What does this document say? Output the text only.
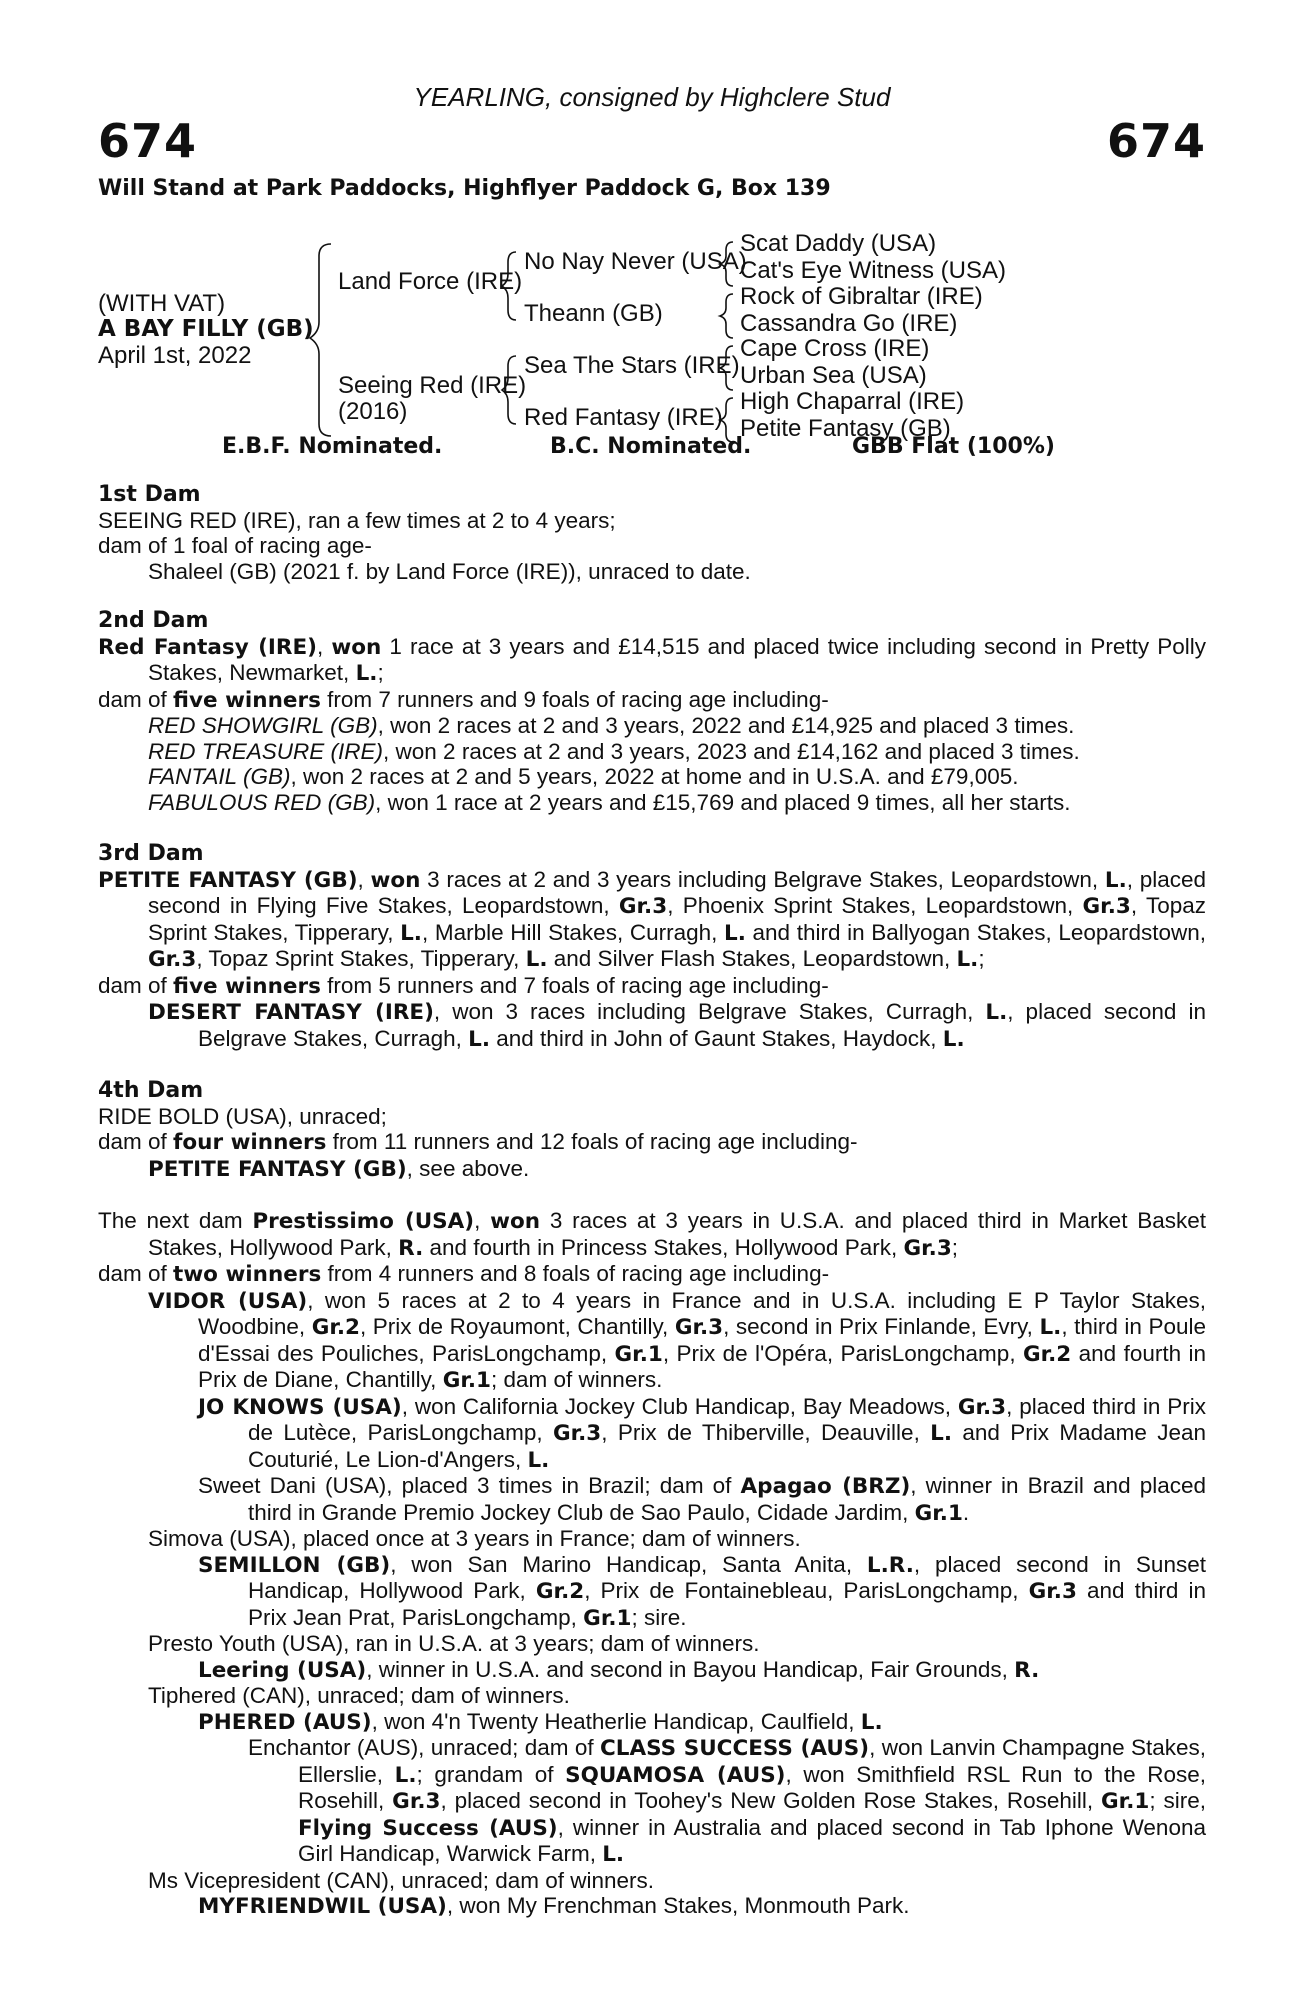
YEARLING, consigned by Highclere Stud
674	674
Will Stand at Park Paddocks, Highflyer Paddock G, Box 139
(WITH VAT)
A BAY FILLY (GB)
April 1st, 2022
Land Force (IRE)
Seeing Red (IRE)
(2016)
No Nay Never (USA)
Theann (GB)
Sea The Stars (IRE)
Red Fantasy (IRE)
Scat Daddy (USA)
Cat's Eye Witness (USA)
Rock of Gibraltar (IRE)
Cassandra Go (IRE)
Cape Cross (IRE)
Urban Sea (USA)
High Chaparral (IRE)
Petite Fantasy (GB)
E.B.F. Nominated.	B.C. Nominated.	GBB Flat (100%)
1st Dam

SEEING RED (IRE), ran a few times at 2 to 4 years;

dam of 1 foal of racing age-

Shaleel (GB) (2021 f. by Land Force (IRE)), unraced to date.

2nd Dam

Red Fantasy (IRE), won 1 race at 3 years and £14,515 and placed twice including second in Pretty Polly Stakes, Newmarket, L.;

dam of five winners from 7 runners and 9 foals of racing age including-

RED SHOWGIRL (GB), won 2 races at 2 and 3 years, 2022 and £14,925 and placed 3 times.

RED TREASURE (IRE), won 2 races at 2 and 3 years, 2023 and £14,162 and placed 3 times.

FANTAIL (GB), won 2 races at 2 and 5 years, 2022 at home and in U.S.A. and £79,005.

FABULOUS RED (GB), won 1 race at 2 years and £15,769 and placed 9 times, all her starts.

3rd Dam

PETITE FANTASY (GB), won 3 races at 2 and 3 years including Belgrave Stakes, Leopardstown, L., placed second in Flying Five Stakes, Leopardstown, Gr.3, Phoenix Sprint Stakes, Leopardstown, Gr.3, Topaz Sprint Stakes, Tipperary, L., Marble Hill Stakes, Curragh, L. and third in Ballyogan Stakes, Leopardstown, Gr.3, Topaz Sprint Stakes, Tipperary, L. and Silver Flash Stakes, Leopardstown, L.;

dam of five winners from 5 runners and 7 foals of racing age including-

DESERT FANTASY (IRE), won 3 races including Belgrave Stakes, Curragh, L., placed second in Belgrave Stakes, Curragh, L. and third in John of Gaunt Stakes, Haydock, L.

4th Dam

RIDE BOLD (USA), unraced;

dam of four winners from 11 runners and 12 foals of racing age including-

PETITE FANTASY (GB), see above.

The next dam Prestissimo (USA), won 3 races at 3 years in U.S.A. and placed third in Market Basket Stakes, Hollywood Park, R. and fourth in Princess Stakes, Hollywood Park, Gr.3;

dam of two winners from 4 runners and 8 foals of racing age including-

VIDOR (USA), won 5 races at 2 to 4 years in France and in U.S.A. including E P Taylor Stakes, Woodbine, Gr.2, Prix de Royaumont, Chantilly, Gr.3, second in Prix Finlande, Evry, L., third in Poule d'Essai des Pouliches, ParisLongchamp, Gr.1, Prix de l'Opéra, ParisLongchamp, Gr.2 and fourth in Prix de Diane, Chantilly, Gr.1; dam of winners.

JO KNOWS (USA), won California Jockey Club Handicap, Bay Meadows, Gr.3, placed third in Prix de Lutèce, ParisLongchamp, Gr.3, Prix de Thiberville, Deauville, L. and Prix Madame Jean Couturié, Le Lion-d'Angers, L.

Sweet Dani (USA), placed 3 times in Brazil; dam of Apagao (BRZ), winner in Brazil and placed third in Grande Premio Jockey Club de Sao Paulo, Cidade Jardim, Gr.1.

Simova (USA), placed once at 3 years in France; dam of winners.

SEMILLON (GB), won San Marino Handicap, Santa Anita, L.R., placed second in Sunset Handicap, Hollywood Park, Gr.2, Prix de Fontainebleau, ParisLongchamp, Gr.3 and third in Prix Jean Prat, ParisLongchamp, Gr.1; sire.

Presto Youth (USA), ran in U.S.A. at 3 years; dam of winners.

Leering (USA), winner in U.S.A. and second in Bayou Handicap, Fair Grounds, R.

Tiphered (CAN), unraced; dam of winners.

PHERED (AUS), won 4'n Twenty Heatherlie Handicap, Caulfield, L.

Enchantor (AUS), unraced; dam of CLASS SUCCESS (AUS), won Lanvin Champagne Stakes, Ellerslie, L.; grandam of SQUAMOSA (AUS), won Smithfield RSL Run to the Rose, Rosehill, Gr.3, placed second in Toohey's New Golden Rose Stakes, Rosehill, Gr.1; sire, Flying Success (AUS), winner in Australia and placed second in Tab Iphone Wenona Girl Handicap, Warwick Farm, L.

Ms Vicepresident (CAN), unraced; dam of winners.

MYFRIENDWIL (USA), won My Frenchman Stakes, Monmouth Park.
